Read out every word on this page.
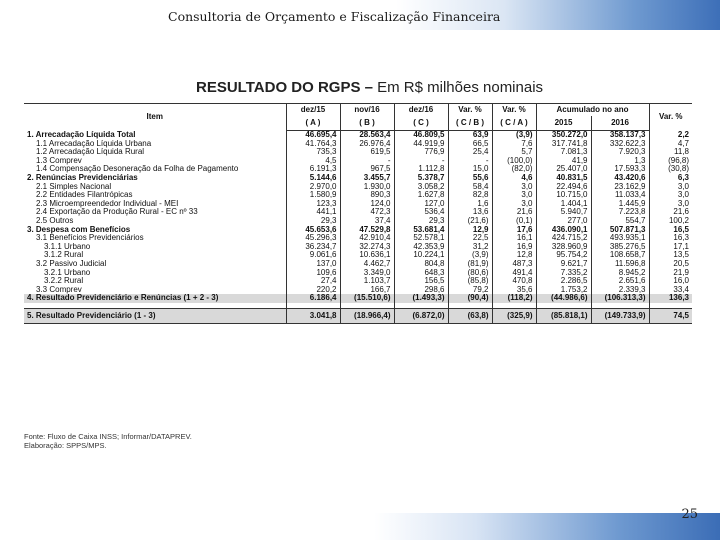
Consultoria de Orçamento e Fiscalização Financeira
RESULTADO DO RGPS – Em R$ milhões nominais
Item	dez/15	nov/16	dez/16	Var. %	Var. %	Acumulado no ano		Var. %
	( A )	( B )	( C )	( C / B )	( C / A )	2015	2016	
1. Arrecadação Líquida Total	46.695,4	28.563,4	46.809,5	63,9	(3,9)	350.272,0	358.137,3	2,2
1.1 Arrecadação Líquida Urbana	41.764,3	26.976,4	44.919,9	66,5	7,6	317.741,8	332.622,3	4,7
1.2 Arrecadação Líquida Rural	735,3	619,5	776,9	25,4	5,7	7.081,3	7.920,3	11,8
1.3 Comprev	4,5	-	-	-	(100,0)	41,9	1,3	(96,8)
1.4 Compensação Desoneração da Folha de Pagamento	6.191,3	967,5	1.112,8	15,0	(82,0)	25.407,0	17.593,3	(30,8)
2. Renúncias Previdenciárias	5.144,6	3.455,7	5.378,7	55,6	4,6	40.831,5	43.420,6	6,3
2.1 Simples Nacional	2.970,0	1.930,0	3.058,2	58,4	3,0	22.494,6	23.162,9	3,0
2.2 Entidades Filantrópicas	1.580,9	890,3	1.627,8	82,8	3,0	10.715,0	11.033,4	3,0
2.3 Microempreendedor Individual - MEI	123,3	124,0	127,0	1,6	3,0	1.404,1	1.445,9	3,0
2.4 Exportação da Produção Rural - EC nº 33	441,1	472,3	536,4	13,6	21,6	5.940,7	7.223,8	21,6
2.5 Outros	29,3	37,4	29,3	(21,6)	(0,1)	277,0	554,7	100,2
3. Despesa com Benefícios	45.653,6	47.529,8	53.681,4	12,9	17,6	436.090,1	507.871,3	16,5
3.1 Benefícios Previdenciários	45.296,3	42.910,4	52.578,1	22,5	16,1	424.715,2	493.935,1	16,3
3.1.1 Urbano	36.234,7	32.274,3	42.353,9	31,2	16,9	328.960,9	385.276,5	17,1
3.1.2 Rural	9.061,6	10.636,1	10.224,1	(3,9)	12,8	95.754,2	108.658,7	13,5
3.2 Passivo Judicial	137,0	4.462,7	804,8	(81,9)	487,3	9.621,7	11.596,8	20,5
3.2.1 Urbano	109,6	3.349,0	648,3	(80,6)	491,4	7.335,2	8.945,2	21,9
3.2.2 Rural	27,4	1.103,7	156,5	(85,8)	470,8	2.286,5	2.651,6	16,0
3.3 Comprev	220,2	166,7	298,6	79,2	35,6	1.753,2	2.339,3	33,4
4. Resultado Previdenciário e Renúncias (1 + 2 - 3)	6.186,4	(15.510,6)	(1.493,3)	(90,4)	(118,2)	(44.986,6)	(106.313,3)	136,3

5. Resultado Previdenciário (1 - 3)	3.041,8	(18.966,4)	(6.872,0)	(63,8)	(325,9)	(85.818,1)	(149.733,9)	74,5
Fonte: Fluxo de Caixa INSS; Informar/DATAPREV.
Elaboração: SPPS/MPS.
25
